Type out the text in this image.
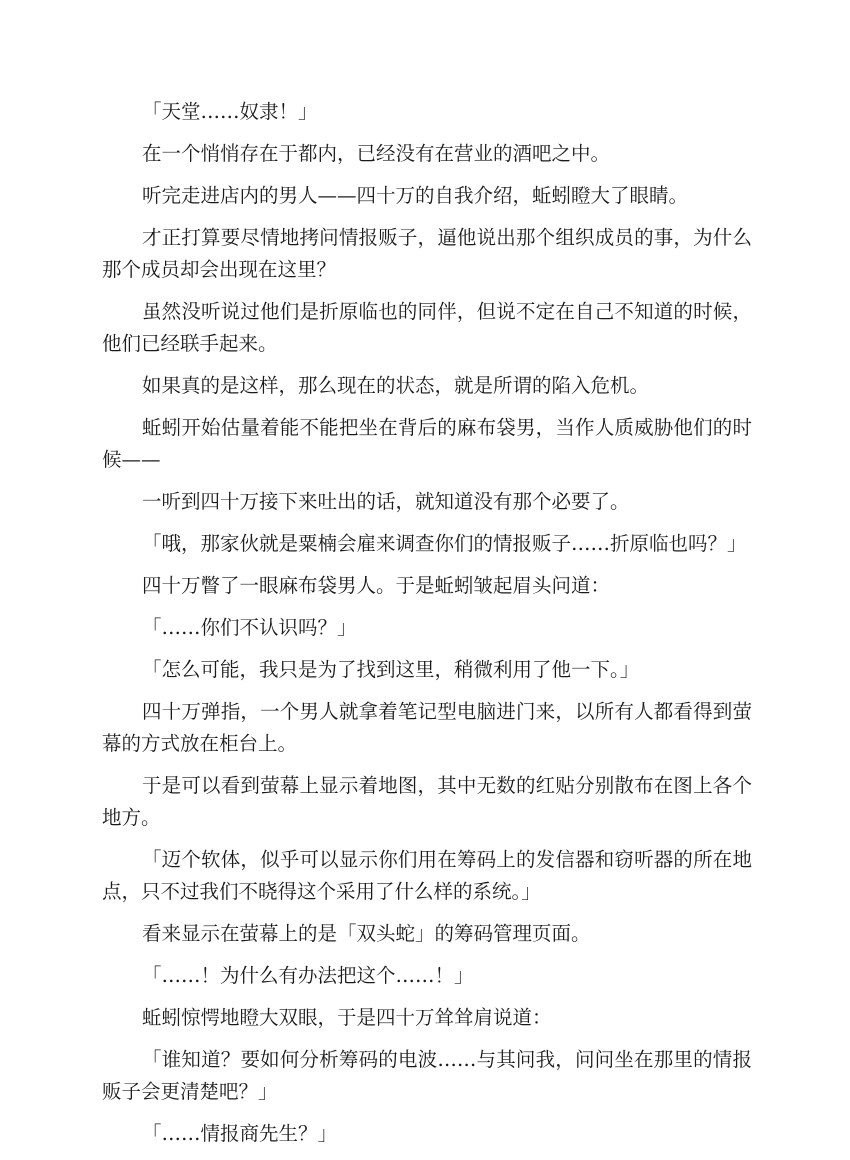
「天堂……奴隶！」

在一个悄悄存在于都内，已经没有在营业的酒吧之中。

听完走进店内的男人——四十万的自我介绍，蚯蚓瞪大了眼睛。

才正打算要尽情地拷问情报贩子，逼他说出那个组织成员的事，为什么那个成员却会出现在这里？

虽然没听说过他们是折原临也的同伴，但说不定在自己不知道的时候，他们已经联手起来。

如果真的是这样，那么现在的状态，就是所谓的陷入危机。

蚯蚓开始估量着能不能把坐在背后的麻布袋男，当作人质威胁他们的时候——

一听到四十万接下来吐出的话，就知道没有那个必要了。

「哦，那家伙就是粟楠会雇来调查你们的情报贩子……折原临也吗？」

四十万瞥了一眼麻布袋男人。于是蚯蚓皱起眉头问道：

「……你们不认识吗？」

「怎么可能，我只是为了找到这里，稍微利用了他一下。」

四十万弹指，一个男人就拿着笔记型电脑进门来，以所有人都看得到萤幕的方式放在柜台上。

于是可以看到萤幕上显示着地图，其中无数的红贴分别散布在图上各个地方。

「迈个软体，似乎可以显示你们用在筹码上的发信器和窃听器的所在地点，只不过我们不晓得这个采用了什么样的系统。」

看来显示在萤幕上的是「双头蛇」的筹码管理页面。

「……！为什么有办法把这个……！」

蚯蚓惊愕地瞪大双眼，于是四十万耸耸肩说道：

「谁知道？要如何分析筹码的电波……与其问我，问问坐在那里的情报贩子会更清楚吧？」

「……情报商先生？」
